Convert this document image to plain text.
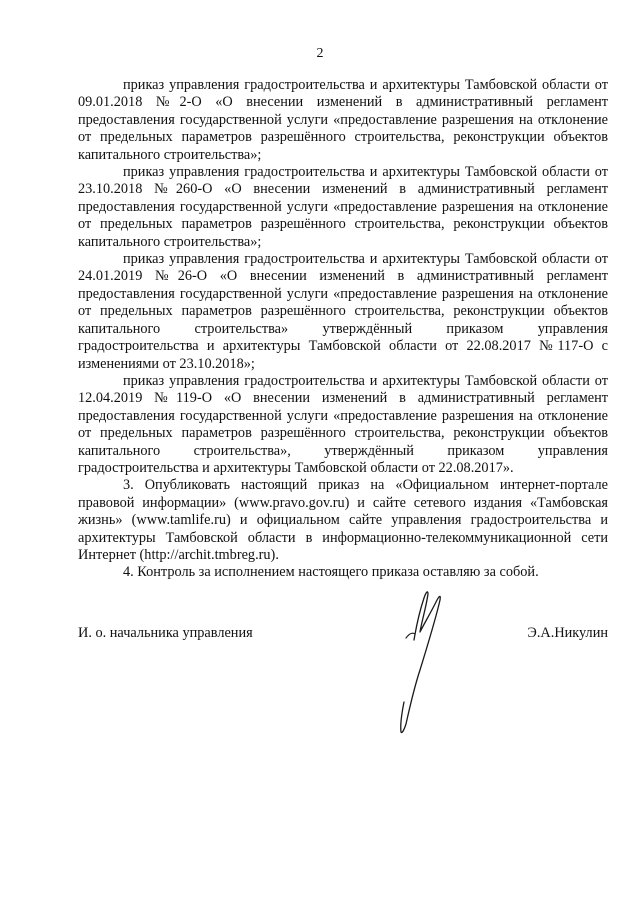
2

приказ управления градостроительства и архитектуры Тамбовской области от 09.01.2018 №2-О «О внесении изменений в административный регламент предоставления государственной услуги «предоставление разрешения на отклонение от предельных параметров разрешённого строительства, реконструкции объектов капитального строительства»;

приказ управления градостроительства и архитектуры Тамбовской области от 23.10.2018 №260-О «О внесении изменений в административный регламент предоставления государственной услуги «предоставление разрешения на отклонение от предельных параметров разрешённого строительства, реконструкции объектов капитального строительства»;

приказ управления градостроительства и архитектуры Тамбовской области от 24.01.2019 №26-О «О внесении изменений в административный регламент предоставления государственной услуги «предоставление разрешения на отклонение от предельных параметров разрешённого строительства, реконструкции объектов капитального строительства» утверждённый приказом управления градостроительства и архитектуры Тамбовской области от 22.08.2017 №117-О с изменениями от 23.10.2018»;

приказ управления градостроительства и архитектуры Тамбовской области от 12.04.2019 №119-О «О внесении изменений в административный регламент предоставления государственной услуги «предоставление разрешения на отклонение от предельных параметров разрешённого строительства, реконструкции объектов капитального строительства», утверждённый приказом управления градостроительства и архитектуры Тамбовской области от 22.08.2017».

3. Опубликовать настоящий приказ на «Официальном интернет-портале правовой информации» (www.pravo.gov.ru) и сайте сетевого издания «Тамбовская жизнь» (www.tamlife.ru) и официальном сайте управления градостроительства и архитектуры Тамбовской области в информационно-телекоммуникационной сети Интернет (http://archit.tmbreg.ru).

4. Контроль за исполнением настоящего приказа оставляю за собой.

И. о. начальника управления	Э.А.Никулин
